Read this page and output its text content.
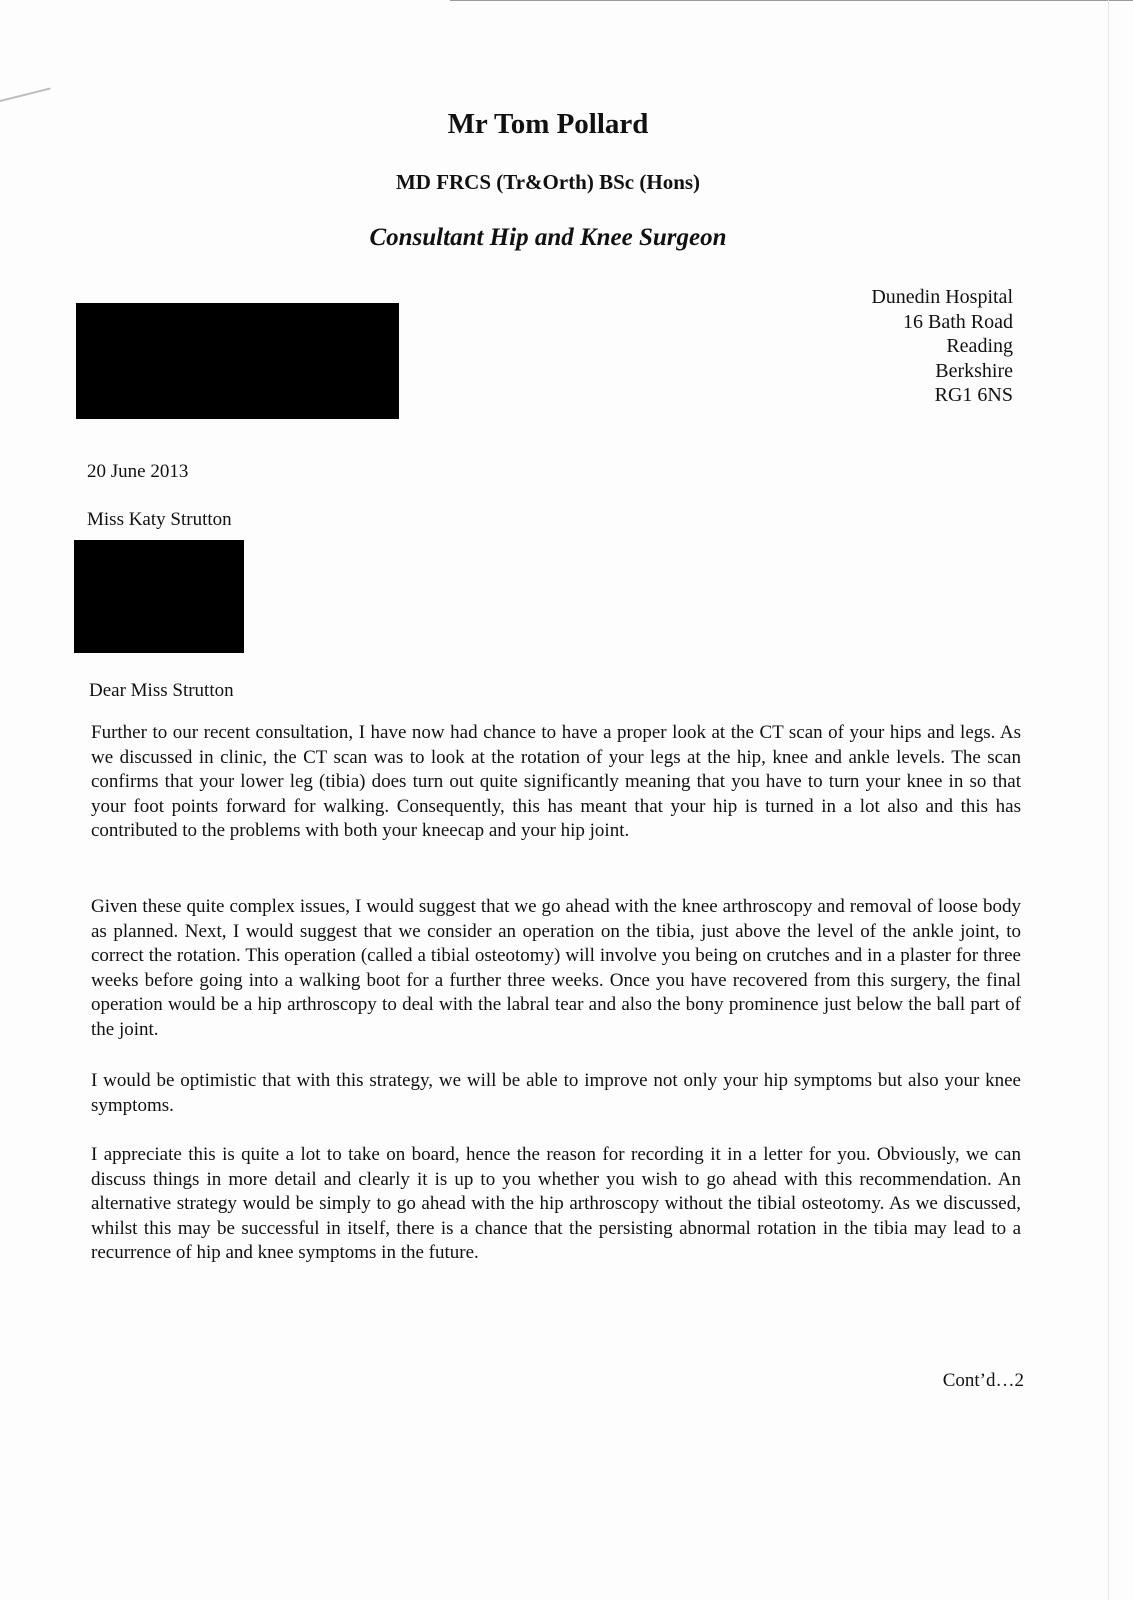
Mr Tom Pollard
MD FRCS (Tr&Orth) BSc (Hons)
Consultant Hip and Knee Surgeon
Dunedin Hospital
16 Bath Road
Reading
Berkshire
RG1 6NS
20 June 2013
Miss Katy Strutton
Dear Miss Strutton

Further to our recent consultation, I have now had chance to have a proper look at the CT scan of your hips and legs. As we discussed in clinic, the CT scan was to look at the rotation of your legs at the hip, knee and ankle levels. The scan confirms that your lower leg (tibia) does turn out quite significantly meaning that you have to turn your knee in so that your foot points forward for walking. Consequently, this has meant that your hip is turned in a lot also and this has contributed to the problems with both your kneecap and your hip joint.

Given these quite complex issues, I would suggest that we go ahead with the knee arthroscopy and removal of loose body as planned. Next, I would suggest that we consider an operation on the tibia, just above the level of the ankle joint, to correct the rotation. This operation (called a tibial osteotomy) will involve you being on crutches and in a plaster for three weeks before going into a walking boot for a further three weeks. Once you have recovered from this surgery, the final operation would be a hip arthroscopy to deal with the labral tear and also the bony prominence just below the ball part of the joint.

I would be optimistic that with this strategy, we will be able to improve not only your hip symptoms but also your knee symptoms.

I appreciate this is quite a lot to take on board, hence the reason for recording it in a letter for you. Obviously, we can discuss things in more detail and clearly it is up to you whether you wish to go ahead with this recommendation. An alternative strategy would be simply to go ahead with the hip arthroscopy without the tibial osteotomy. As we discussed, whilst this may be successful in itself, there is a chance that the persisting abnormal rotation in the tibia may lead to a recurrence of hip and knee symptoms in the future.

Cont’d…2
